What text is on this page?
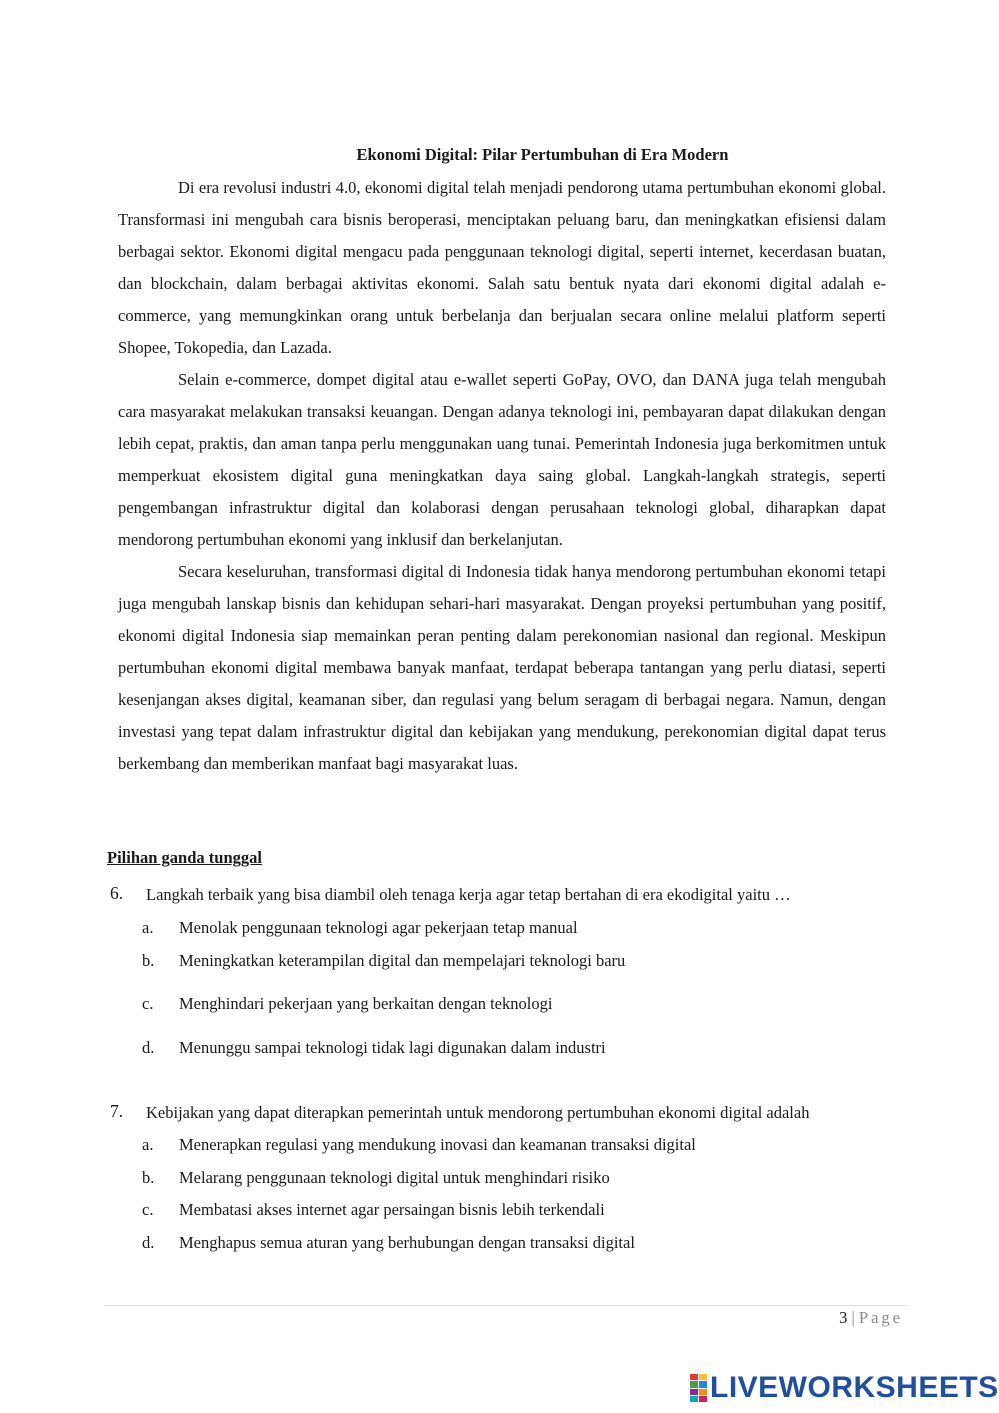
Ekonomi Digital: Pilar Pertumbuhan di Era Modern

Di era revolusi industri 4.0, ekonomi digital telah menjadi pendorong utama pertumbuhan ekonomi global. Transformasi ini mengubah cara bisnis beroperasi, menciptakan peluang baru, dan meningkatkan efisiensi dalam berbagai sektor. Ekonomi digital mengacu pada penggunaan teknologi digital, seperti internet, kecerdasan buatan, dan blockchain, dalam berbagai aktivitas ekonomi. Salah satu bentuk nyata dari ekonomi digital adalah e-commerce, yang memungkinkan orang untuk berbelanja dan berjualan secara online melalui platform seperti Shopee, Tokopedia, dan Lazada.

Selain e-commerce, dompet digital atau e-wallet seperti GoPay, OVO, dan DANA juga telah mengubah cara masyarakat melakukan transaksi keuangan. Dengan adanya teknologi ini, pembayaran dapat dilakukan dengan lebih cepat, praktis, dan aman tanpa perlu menggunakan uang tunai. Pemerintah Indonesia juga berkomitmen untuk memperkuat ekosistem digital guna meningkatkan daya saing global. Langkah-langkah strategis, seperti pengembangan infrastruktur digital dan kolaborasi dengan perusahaan teknologi global, diharapkan dapat mendorong pertumbuhan ekonomi yang inklusif dan berkelanjutan.

Secara keseluruhan, transformasi digital di Indonesia tidak hanya mendorong pertumbuhan ekonomi tetapi juga mengubah lanskap bisnis dan kehidupan sehari-hari masyarakat. Dengan proyeksi pertumbuhan yang positif, ekonomi digital Indonesia siap memainkan peran penting dalam perekonomian nasional dan regional. Meskipun pertumbuhan ekonomi digital membawa banyak manfaat, terdapat beberapa tantangan yang perlu diatasi, seperti kesenjangan akses digital, keamanan siber, dan regulasi yang belum seragam di berbagai negara. Namun, dengan investasi yang tepat dalam infrastruktur digital dan kebijakan yang mendukung, perekonomian digital dapat terus berkembang dan memberikan manfaat bagi masyarakat luas.

Pilihan ganda tunggal
6. Langkah terbaik yang bisa diambil oleh tenaga kerja agar tetap bertahan di era ekodigital yaitu …
a. Menolak penggunaan teknologi agar pekerjaan tetap manual
b. Meningkatkan keterampilan digital dan mempelajari teknologi baru
c. Menghindari pekerjaan yang berkaitan dengan teknologi
d. Menunggu sampai teknologi tidak lagi digunakan dalam industri
7. Kebijakan yang dapat diterapkan pemerintah untuk mendorong pertumbuhan ekonomi digital adalah
a. Menerapkan regulasi yang mendukung inovasi dan keamanan transaksi digital
b. Melarang penggunaan teknologi digital untuk menghindari risiko
c. Membatasi akses internet agar persaingan bisnis lebih terkendali
d. Menghapus semua aturan yang berhubungan dengan transaksi digital
3 | Page
LIVEWORKSHEETS
